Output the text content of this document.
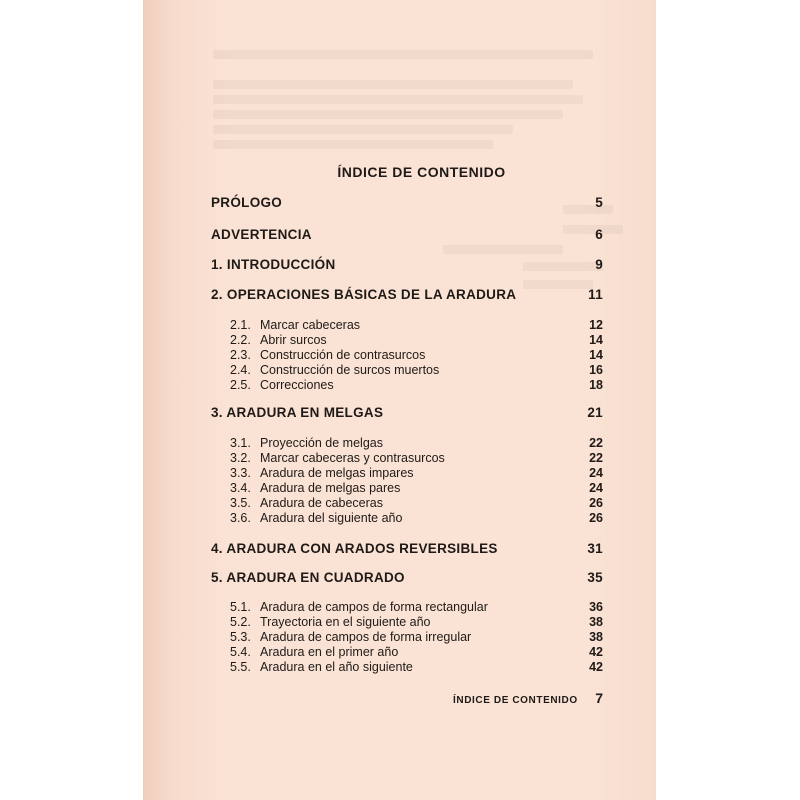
ÍNDICE DE CONTENIDO
PRÓLOGO	5
ADVERTENCIA	6
1. INTRODUCCIÓN	9
2. OPERACIONES BÁSICAS DE LA ARADURA	11
2.1. Marcar cabeceras	12
2.2. Abrir surcos	14
2.3. Construcción de contrasurcos	14
2.4. Construcción de surcos muertos	16
2.5. Correcciones	18
3. ARADURA EN MELGAS	21
3.1. Proyección de melgas	22
3.2. Marcar cabeceras y contrasurcos	22
3.3. Aradura de melgas impares	24
3.4. Aradura de melgas pares	24
3.5. Aradura de cabeceras	26
3.6. Aradura del siguiente año	26
4. ARADURA CON ARADOS REVERSIBLES	31
5. ARADURA EN CUADRADO	35
5.1. Aradura de campos de forma rectangular	36
5.2. Trayectoria en el siguiente año	38
5.3. Aradura de campos de forma irregular	38
5.4. Aradura en el primer año	42
5.5. Aradura en el año siguiente	42
ÍNDICE DE CONTENIDO 7
